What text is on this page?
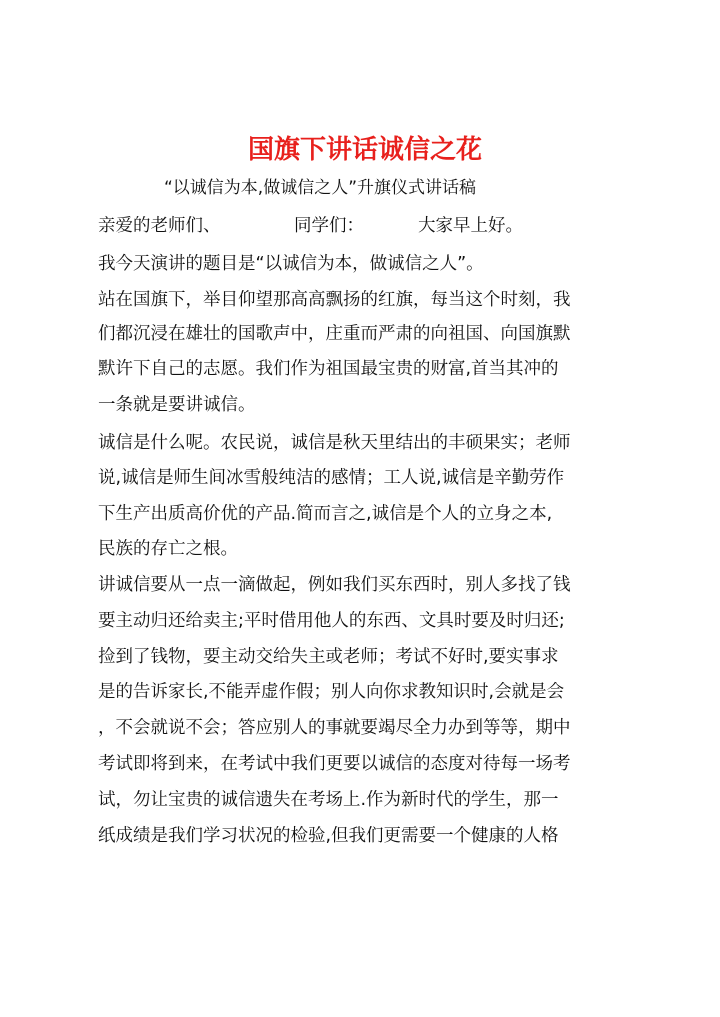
国旗下讲话诚信之花
“以诚信为本,做诚信之人”升旗仪式讲话稿
亲爱的老师们、	同学们：	大家早上好。
我今天演讲的题目是“以诚信为本，做诚信之人”。
站在国旗下，举目仰望那高高飘扬的红旗，每当这个时刻，我
们都沉浸在雄壮的国歌声中，庄重而严肃的向祖国、向国旗默
默许下自己的志愿。我们作为祖国最宝贵的财富,首当其冲的
一条就是要讲诚信。
诚信是什么呢。农民说，诚信是秋天里结出的丰硕果实；老师
说,诚信是师生间冰雪般纯洁的感情；工人说,诚信是辛勤劳作
下生产出质高价优的产品.简而言之,诚信是个人的立身之本,
民族的存亡之根。
讲诚信要从一点一滴做起，例如我们买东西时，别人多找了钱
要主动归还给卖主;平时借用他人的东西、文具时要及时归还;
捡到了钱物，要主动交给失主或老师；考试不好时,要实事求
是的告诉家长,不能弄虚作假；别人向你求教知识时,会就是会
，不会就说不会；答应别人的事就要竭尽全力办到等等，期中
考试即将到来，在考试中我们更要以诚信的态度对待每一场考
试，勿让宝贵的诚信遗失在考场上.作为新时代的学生，那一
纸成绩是我们学习状况的检验,但我们更需要一个健康的人格
